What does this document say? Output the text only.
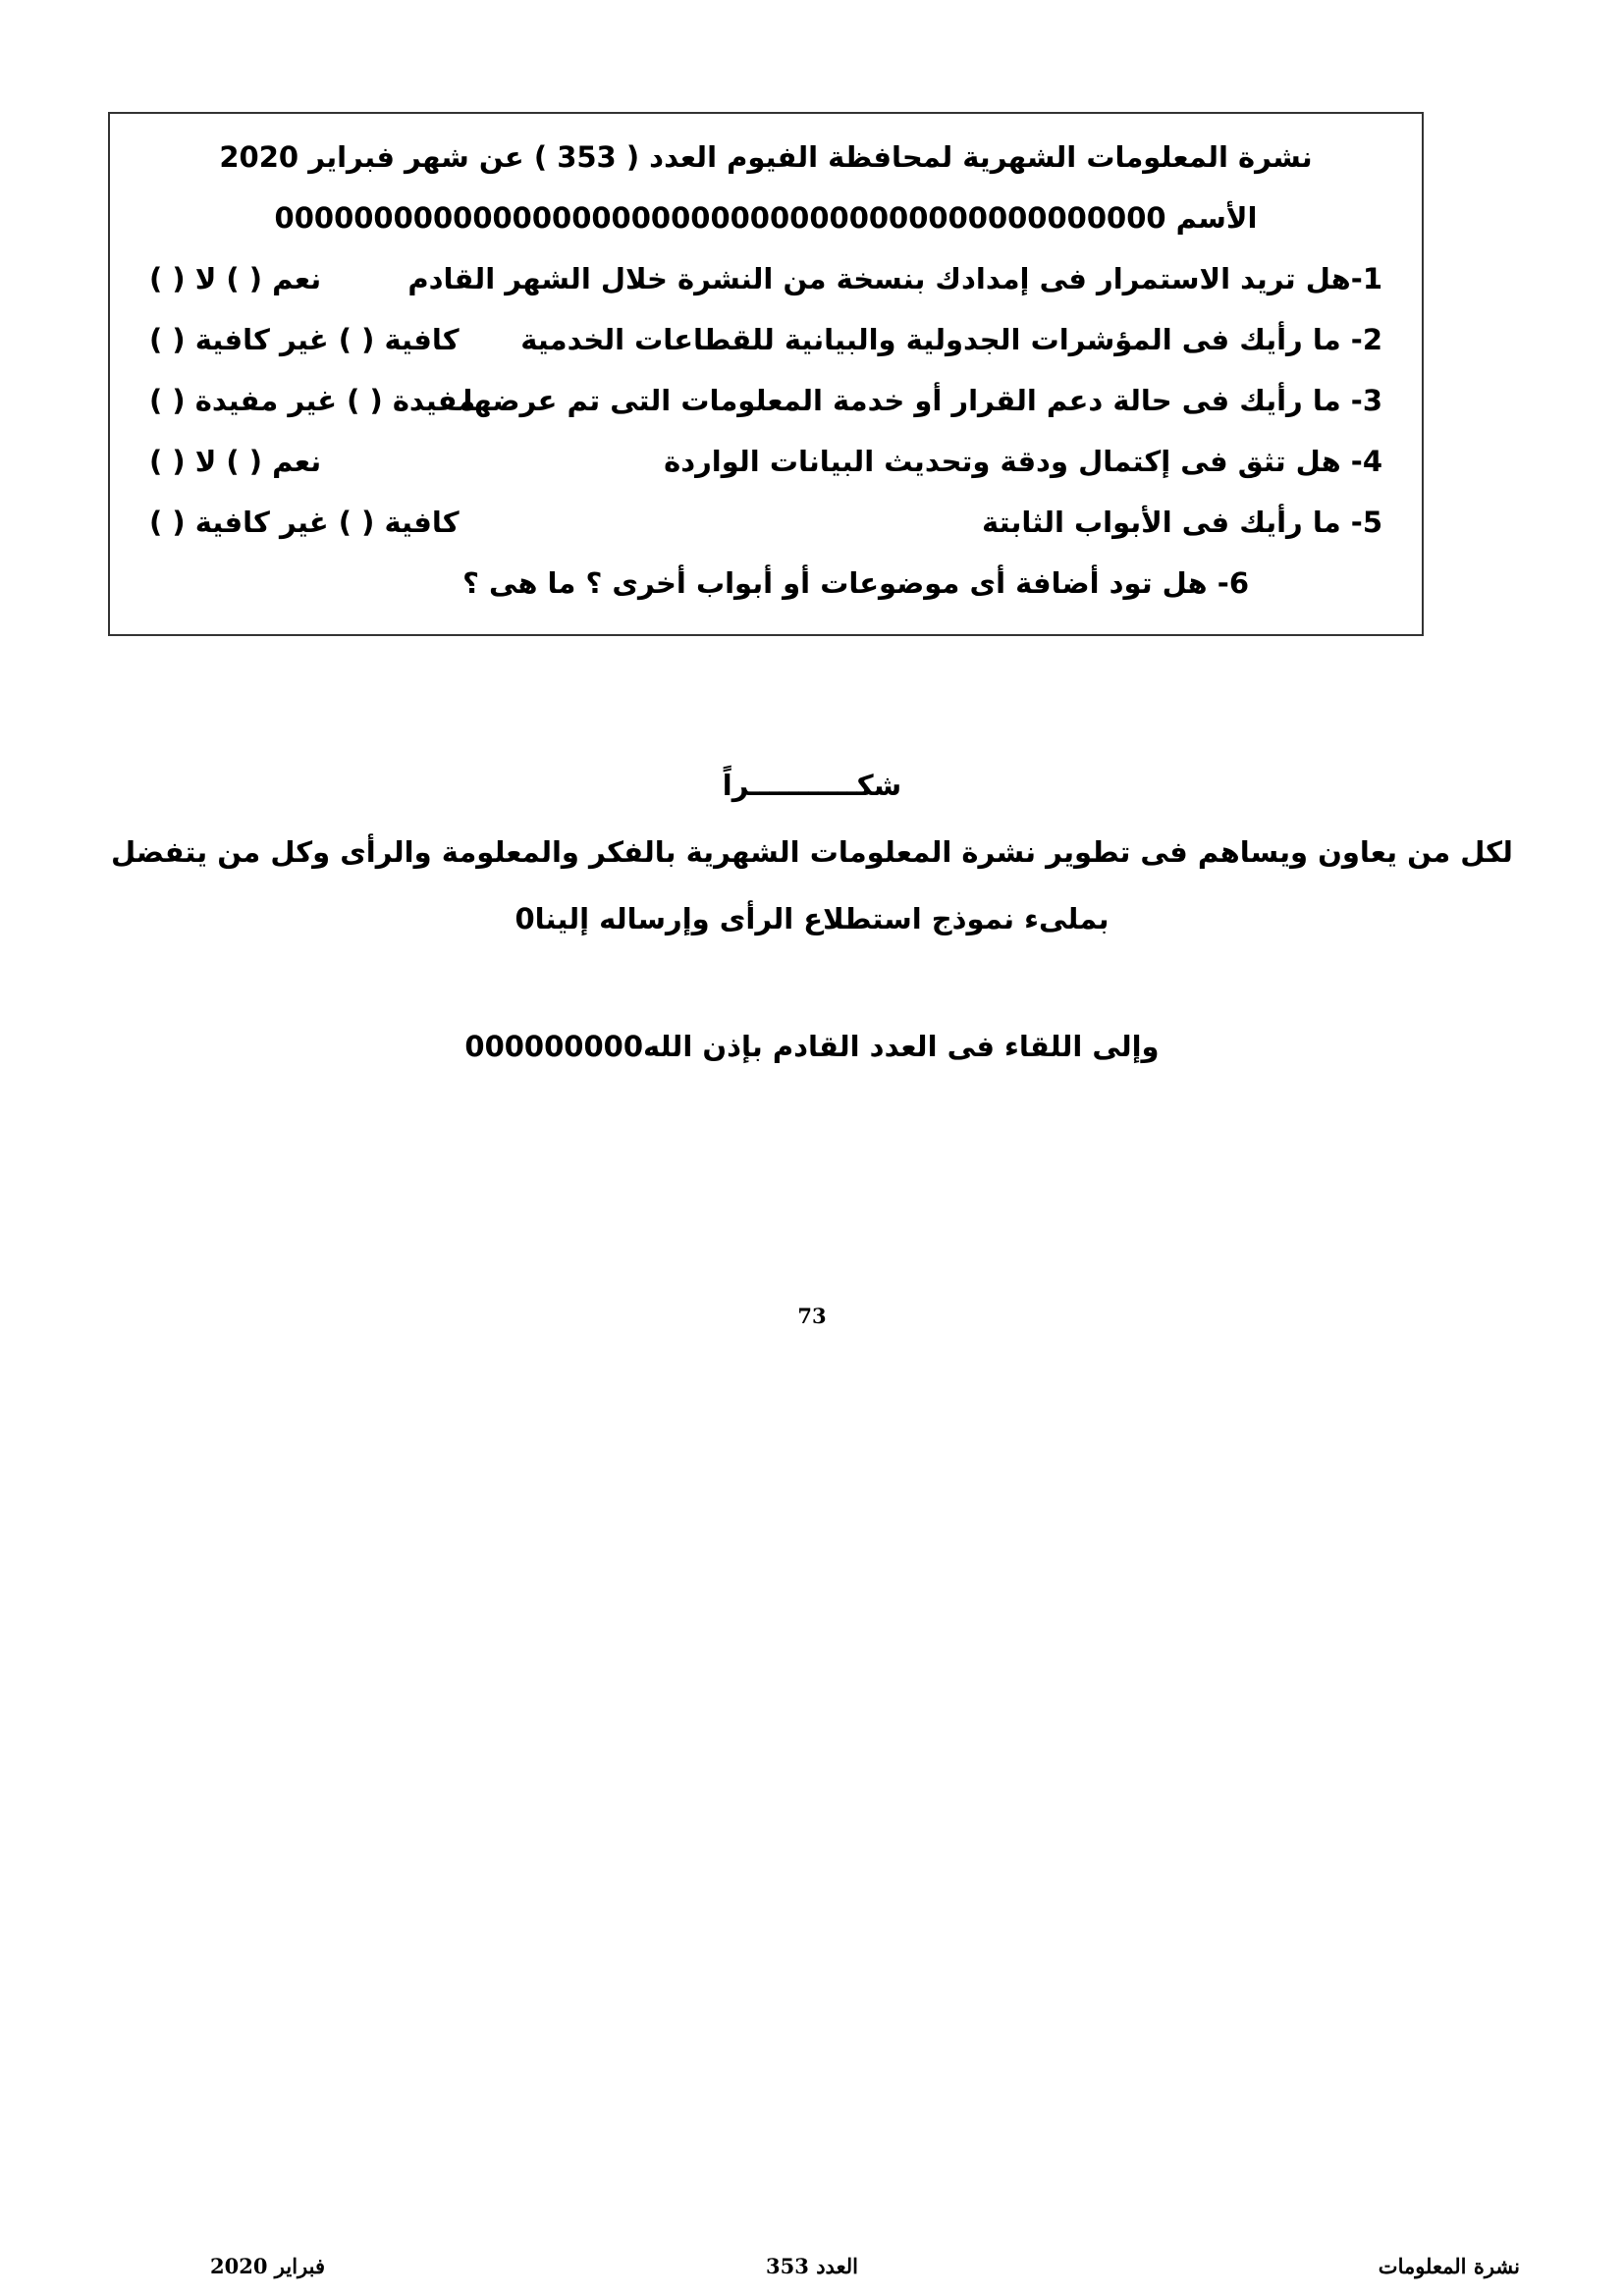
نشرة المعلومات الشهرية لمحافظة الفيوم العدد ( 353 ) عن شهر فبراير 2020
الأسم 000000000000000000000000000000000000000000000
1-هل تريد الاستمرار فى إمدادك بنسخة من النشرة خلال الشهر القادم
نعم ( ) لا ( )
2- ما رأيك فى المؤشرات الجدولية والبيانية للقطاعات الخدمية
كافية ( ) غير كافية ( )
3- ما رأيك فى حالة دعم القرار أو خدمة المعلومات التى تم عرضها
مفيدة ( ) غير مفيدة ( )
4- هل تثق فى إكتمال ودقة وتحديث البيانات الواردة
نعم ( ) لا ( )
5- ما رأيك فى الأبواب الثابتة
كافية ( ) غير كافية ( )
6- هل تود أضافة أى موضوعات أو أبواب أخرى ؟ ما هى ؟
شكـــــــــــراً
لكل من يعاون ويساهم فى تطوير نشرة المعلومات الشهرية بالفكر والمعلومة والرأى وكل من يتفضل
بملىء نموذج استطلاع الرأى وإرساله إلينا0
وإلى اللقاء فى العدد القادم بإذن الله000000000
73
نشرة المعلومات
العدد 353
فبراير 2020
